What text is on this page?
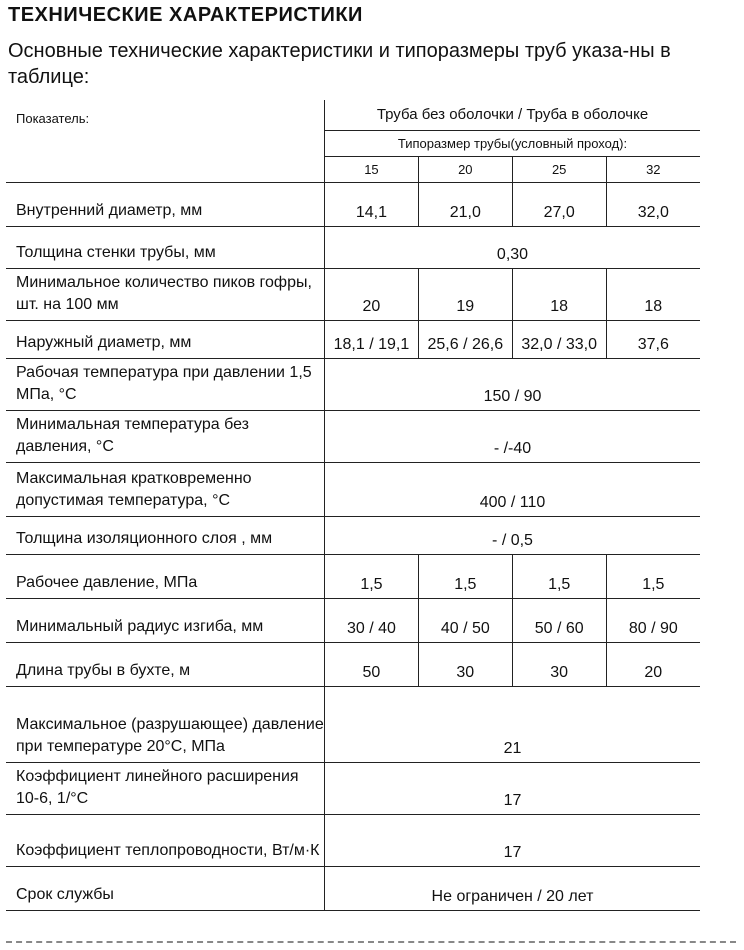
ТЕХНИЧЕСКИЕ ХАРАКТЕРИСТИКИ
Основные технические характеристики и типоразмеры труб указа-ны в таблице:
Показатель:	Труба без оболочки / Труба в оболочке			
	Типоразмер трубы(условный проход):			
	15	20	25	32
Внутренний диаметр, мм	14,1	21,0	27,0	32,0
Толщина стенки трубы, мм	0,30			
Минимальное количество пиков гофры, шт. на 100 мм	20	19	18	18
Наружный диаметр, мм	18,1 / 19,1	25,6 / 26,6	32,0 / 33,0	37,6
Рабочая температура при давлении 1,5 МПа, °С	150 / 90			
Минимальная температура без давления, °С	- /-40			
Максимальная кратковременно допустимая температура, °С	400 / 110			
Толщина изоляционного слоя , мм	- / 0,5			
Рабочее давление, МПа	1,5	1,5	1,5	1,5
Минимальный радиус изгиба, мм	30 / 40	40 / 50	50 / 60	80 / 90
Длина трубы в бухте, м	50	30	30	20
Максимальное (разрушающее) давление при температуре 20°С, МПа	21			
Коэффициент линейного расширения 10-6, 1/°С	17			
Коэффициент теплопроводности, Вт/м·К	17			
Срок службы	Не ограничен / 20 лет			
